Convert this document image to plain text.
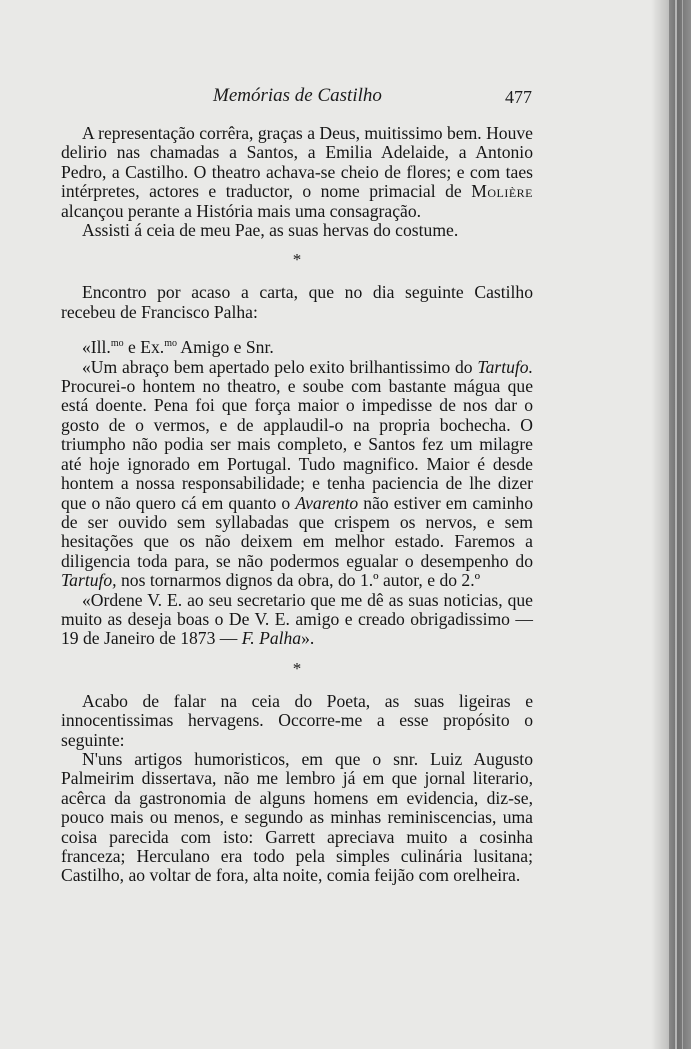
Memórias de Castilho	477

A representação corrêra, graças a Deus, muitissimo bem. Houve delirio nas chamadas a Santos, a Emilia Adelaide, a Antonio Pedro, a Castilho. O theatro achava-se cheio de flores; e com taes intérpretes, actores e traductor, o nome primacial de Molière alcançou perante a História mais uma consagração.

Assisti á ceia de meu Pae, as suas hervas do costume.

*

Encontro por acaso a carta, que no dia seguinte Castilho recebeu de Francisco Palha:

«Ill.$^{mo}$ e Ex.$^{mo}$ Amigo e Snr.

«Um abraço bem apertado pelo exito brilhantissimo do Tartufo. Procurei-o hontem no theatro, e soube com bastante mágua que está doente. Pena foi que força maior o impedisse de nos dar o gosto de o vermos, e de applaudil-o na propria bochecha. O triumpho não podia ser mais completo, e Santos fez um milagre até hoje ignorado em Portugal. Tudo magnifico. Maior é desde hontem a nossa responsabilidade; e tenha paciencia de lhe dizer que o não quero cá em quanto o Avarento não estiver em caminho de ser ouvido sem syllabadas que crispem os nervos, e sem hesitações que os não deixem em melhor estado. Faremos a diligencia toda para, se não podermos egualar o desempenho do Tartufo, nos tornarmos dignos da obra, do 1.º autor, e do 2.º

«Ordene V. E. ao seu secretario que me dê as suas noticias, que muito as deseja boas o De V. E. amigo e creado obrigadissimo — 19 de Janeiro de 1873 — F. Palha».

*

Acabo de falar na ceia do Poeta, as suas ligeiras e innocentissimas hervagens. Occorre-me a esse propósito o seguinte:

N'uns artigos humoristicos, em que o snr. Luiz Augusto Palmeirim dissertava, não me lembro já em que jornal literario, acêrca da gastronomia de alguns homens em evidencia, diz-se, pouco mais ou menos, e segundo as minhas reminiscencias, uma coisa parecida com isto: Garrett apreciava muito a cosinha franceza; Herculano era todo pela simples culinária lusitana; Castilho, ao voltar de fora, alta noite, comia feijão com orelheira.
